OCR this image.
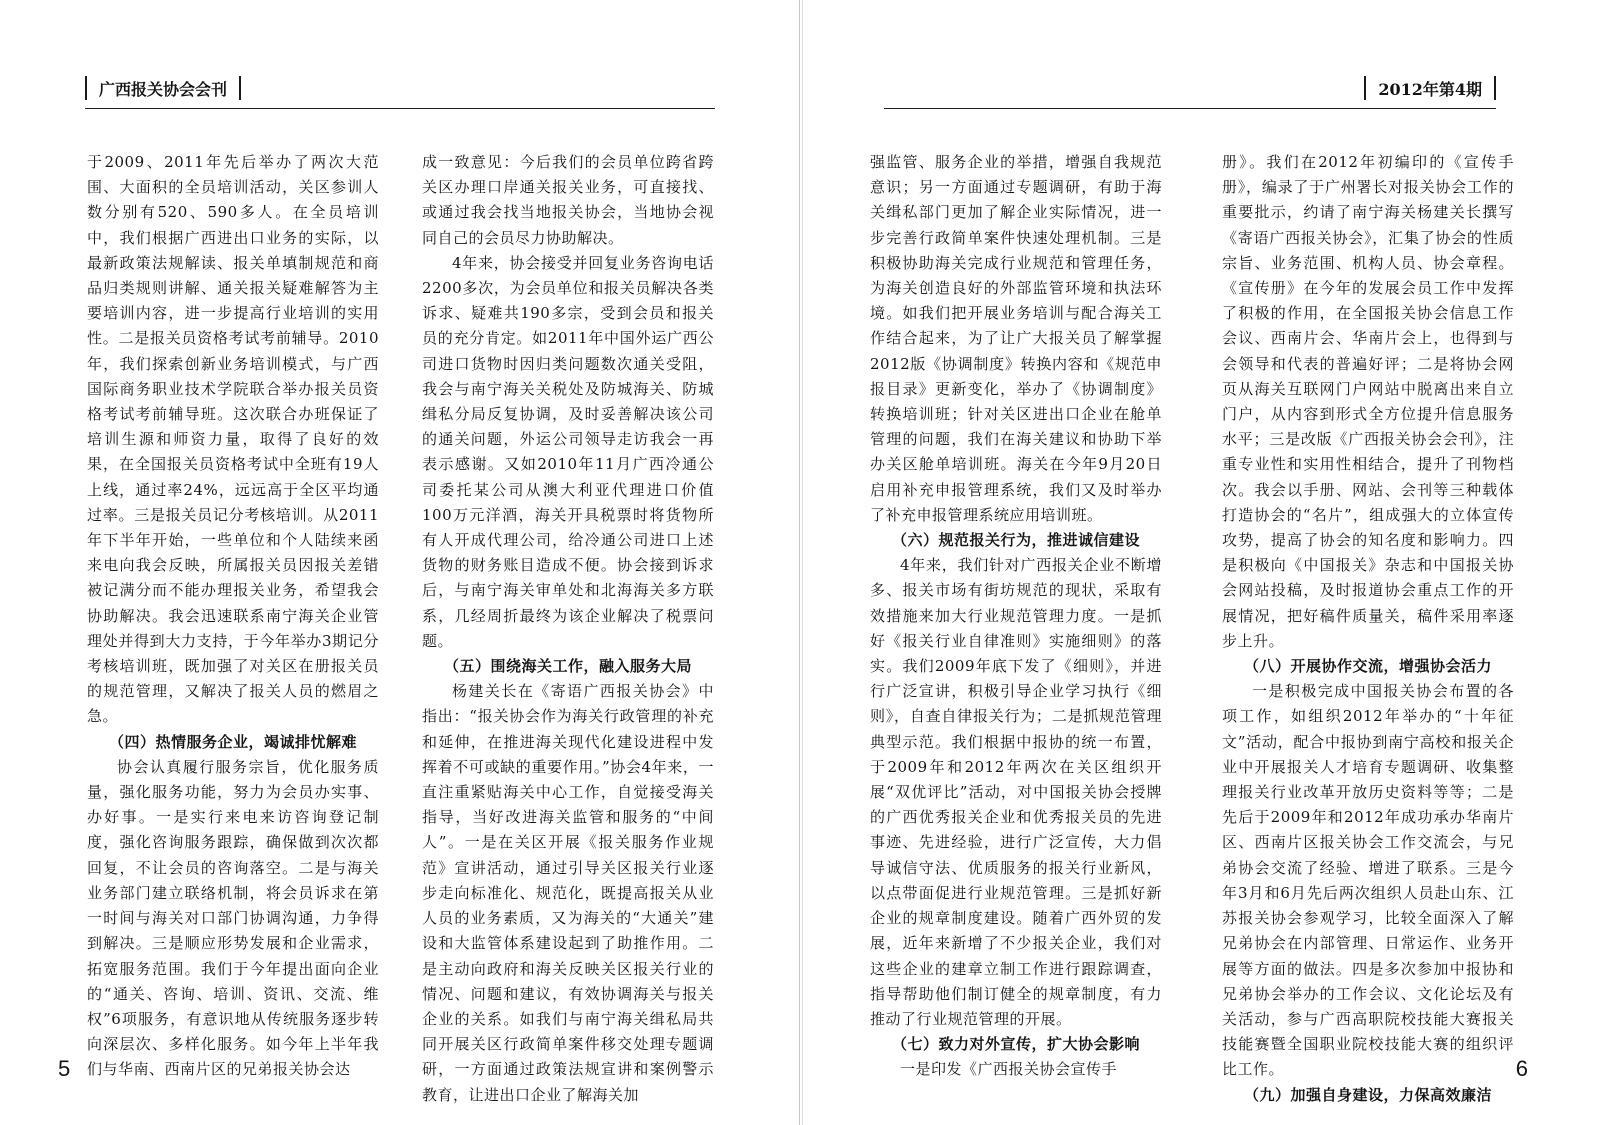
广西报关协会会刊

于2009、2011年先后举办了两次大范围、大面积的全员培训活动，关区参训人数分别有520、590多人。在全员培训中，我们根据广西进出口业务的实际，以最新政策法规解读、报关单填制规范和商品归类规则讲解、通关报关疑难解答为主要培训内容，进一步提高行业培训的实用性。二是报关员资格考试考前辅导。2010年，我们探索创新业务培训模式，与广西国际商务职业技术学院联合举办报关员资格考试考前辅导班。这次联合办班保证了培训生源和师资力量，取得了良好的效果，在全国报关员资格考试中全班有19人上线，通过率24%，远远高于全区平均通过率。三是报关员记分考核培训。从2011年下半年开始，一些单位和个人陆续来函来电向我会反映，所属报关员因报关差错被记满分而不能办理报关业务，希望我会协助解决。我会迅速联系南宁海关企业管理处并得到大力支持，于今年举办3期记分考核培训班，既加强了对关区在册报关员的规范管理，又解决了报关人员的燃眉之急。

（四）热情服务企业，竭诚排忧解难

协会认真履行服务宗旨，优化服务质量，强化服务功能，努力为会员办实事、办好事。一是实行来电来访咨询登记制度，强化咨询服务跟踪，确保做到次次都回复，不让会员的咨询落空。二是与海关业务部门建立联络机制，将会员诉求在第一时间与海关对口部门协调沟通，力争得到解决。三是顺应形势发展和企业需求，拓宽服务范围。我们于今年提出面向企业的“通关、咨询、培训、资讯、交流、维权”6项服务，有意识地从传统服务逐步转向深层次、多样化服务。如今年上半年我们与华南、西南片区的兄弟报关协会达

成一致意见：今后我们的会员单位跨省跨关区办理口岸通关报关业务，可直接找、或通过我会找当地报关协会，当地协会视同自己的会员尽力协助解决。

4年来，协会接受并回复业务咨询电话2200多次，为会员单位和报关员解决各类诉求、疑难共190多宗，受到会员和报关员的充分肯定。如2011年中国外运广西公司进口货物时因归类问题数次通关受阻，我会与南宁海关关税处及防城海关、防城缉私分局反复协调，及时妥善解决该公司的通关问题，外运公司领导走访我会一再表示感谢。又如2010年11月广西冷通公司委托某公司从澳大利亚代理进口价值100万元洋酒，海关开具税票时将货物所有人开成代理公司，给冷通公司进口上述货物的财务账目造成不便。协会接到诉求后，与南宁海关审单处和北海海关多方联系，几经周折最终为该企业解决了税票问题。

（五）围绕海关工作，融入服务大局

杨建关长在《寄语广西报关协会》中指出：“报关协会作为海关行政管理的补充和延伸，在推进海关现代化建设进程中发挥着不可或缺的重要作用。”协会4年来，一直注重紧贴海关中心工作，自觉接受海关指导，当好改进海关监管和服务的“中间人”。一是在关区开展《报关服务作业规范》宣讲活动，通过引导关区报关行业逐步走向标准化、规范化，既提高报关从业人员的业务素质，又为海关的“大通关”建设和大监管体系建设起到了助推作用。二是主动向政府和海关反映关区报关行业的情况、问题和建议，有效协调海关与报关企业的关系。如我们与南宁海关缉私局共同开展关区行政简单案件移交处理专题调研，一方面通过政策法规宣讲和案例警示教育，让进出口企业了解海关加

5
2012年第4期

强监管、服务企业的举措，增强自我规范意识；另一方面通过专题调研，有助于海关缉私部门更加了解企业实际情况，进一步完善行政简单案件快速处理机制。三是积极协助海关完成行业规范和管理任务，为海关创造良好的外部监管环境和执法环境。如我们把开展业务培训与配合海关工作结合起来，为了让广大报关员了解掌握2012版《协调制度》转换内容和《规范申报目录》更新变化，举办了《协调制度》转换培训班；针对关区进出口企业在舱单管理的问题，我们在海关建议和协助下举办关区舱单培训班。海关在今年9月20日启用补充申报管理系统，我们又及时举办了补充申报管理系统应用培训班。

（六）规范报关行为，推进诚信建设

4年来，我们针对广西报关企业不断增多、报关市场有街坊规范的现状，采取有效措施来加大行业规范管理力度。一是抓好《报关行业自律准则》实施细则》的落实。我们2009年底下发了《细则》，并进行广泛宣讲，积极引导企业学习执行《细则》，自查自律报关行为；二是抓规范管理典型示范。我们根据中报协的统一布置，于2009年和2012年两次在关区组织开展“双优评比”活动，对中国报关协会授牌的广西优秀报关企业和优秀报关员的先进事迹、先进经验，进行广泛宣传，大力倡导诚信守法、优质服务的报关行业新风，以点带面促进行业规范管理。三是抓好新企业的规章制度建设。随着广西外贸的发展，近年来新增了不少报关企业，我们对这些企业的建章立制工作进行跟踪调查，指导帮助他们制订健全的规章制度，有力推动了行业规范管理的开展。

（七）致力对外宣传，扩大协会影响

一是印发《广西报关协会宣传手

册》。我们在2012年初编印的《宣传手册》，编录了于广州署长对报关协会工作的重要批示，约请了南宁海关杨建关长撰写《寄语广西报关协会》，汇集了协会的性质宗旨、业务范围、机构人员、协会章程。《宣传册》在今年的发展会员工作中发挥了积极的作用，在全国报关协会信息工作会议、西南片会、华南片会上，也得到与会领导和代表的普遍好评；二是将协会网页从海关互联网门户网站中脱离出来自立门户，从内容到形式全方位提升信息服务水平；三是改版《广西报关协会会刊》，注重专业性和实用性相结合，提升了刊物档次。我会以手册、网站、会刊等三种载体打造协会的“名片”，组成强大的立体宣传攻势，提高了协会的知名度和影响力。四是积极向《中国报关》杂志和中国报关协会网站投稿，及时报道协会重点工作的开展情况，把好稿件质量关，稿件采用率逐步上升。

（八）开展协作交流，增强协会活力

一是积极完成中国报关协会布置的各项工作，如组织2012年举办的“十年征文”活动，配合中报协到南宁高校和报关企业中开展报关人才培育专题调研、收集整理报关行业改革开放历史资料等等；二是先后于2009年和2012年成功承办华南片区、西南片区报关协会工作交流会，与兄弟协会交流了经验、增进了联系。三是今年3月和6月先后两次组织人员赴山东、江苏报关协会参观学习，比较全面深入了解兄弟协会在内部管理、日常运作、业务开展等方面的做法。四是多次参加中报协和兄弟协会举办的工作会议、文化论坛及有关活动，参与广西高职院校技能大赛报关技能赛暨全国职业院校技能大赛的组织评比工作。

（九）加强自身建设，力保高效廉洁
6
